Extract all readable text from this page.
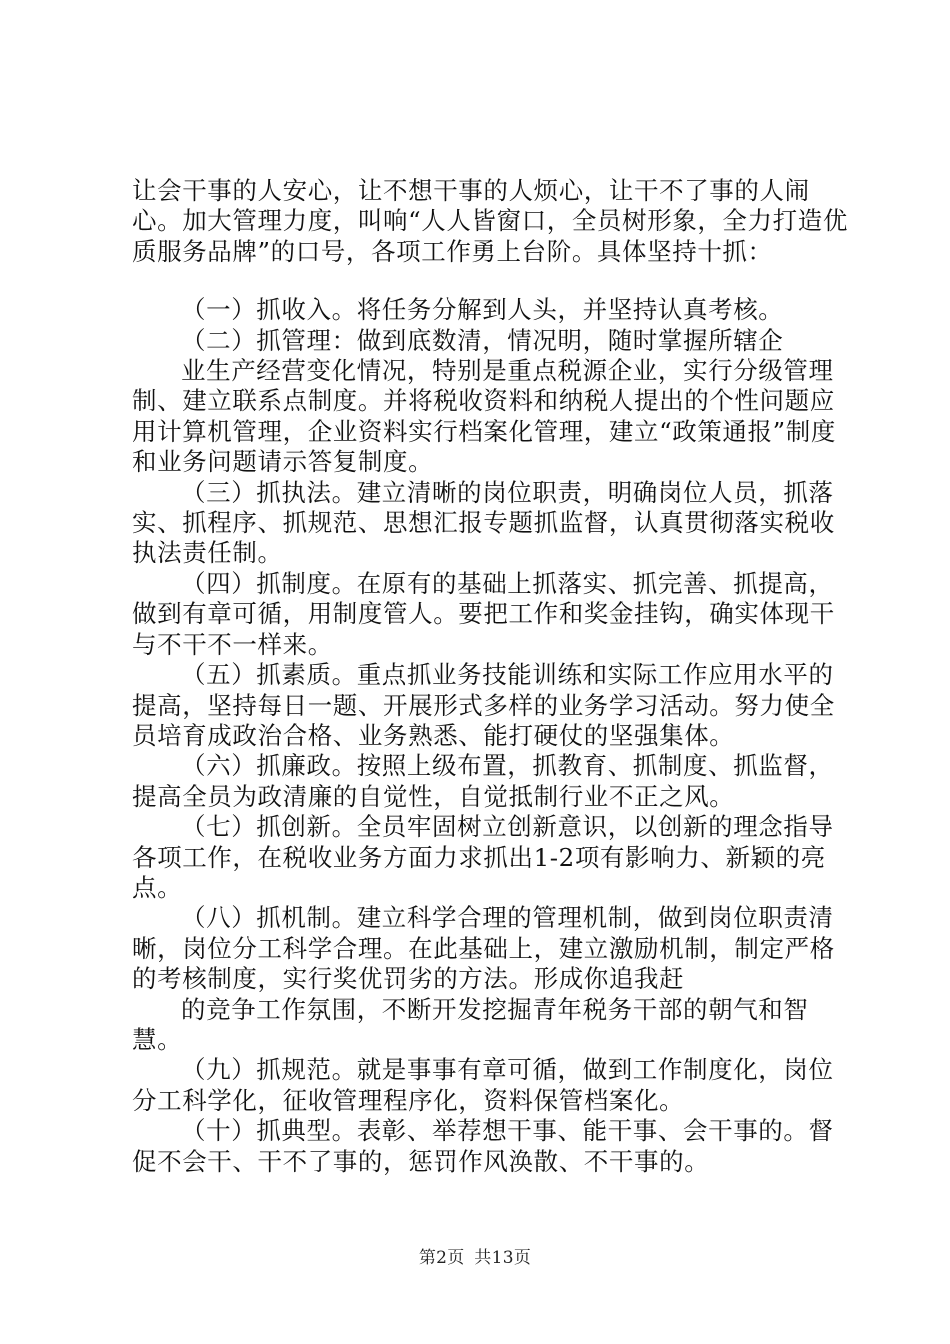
让会干事的人安心，让不想干事的人烦心，让干不了事的人闹心。加大管理力度，叫响“人人皆窗口，全员树形象，全力打造优质服务品牌”的口号，各项工作勇上台阶。具体坚持十抓：

（一）抓收入。将任务分解到人头，并坚持认真考核。

（二）抓管理：做到底数清，情况明，随时掌握所辖企

业生产经营变化情况，特别是重点税源企业，实行分级管理制、建立联系点制度。并将税收资料和纳税人提出的个性问题应用计算机管理，企业资料实行档案化管理，建立“政策通报”制度和业务问题请示答复制度。

（三）抓执法。建立清晰的岗位职责，明确岗位人员，抓落实、抓程序、抓规范、思想汇报专题抓监督，认真贯彻落实税收执法责任制。

（四）抓制度。在原有的基础上抓落实、抓完善、抓提高，做到有章可循，用制度管人。要把工作和奖金挂钩，确实体现干与不干不一样来。

（五）抓素质。重点抓业务技能训练和实际工作应用水平的提高，坚持每日一题、开展形式多样的业务学习活动。努力使全员培育成政治合格、业务熟悉、能打硬仗的坚强集体。

（六）抓廉政。按照上级布置，抓教育、抓制度、抓监督，提高全员为政清廉的自觉性，自觉抵制行业不正之风。

（七）抓创新。全员牢固树立创新意识，以创新的理念指导各项工作，在税收业务方面力求抓出1-2项有影响力、新颖的亮点。

（八）抓机制。建立科学合理的管理机制，做到岗位职责清晰，岗位分工科学合理。在此基础上，建立激励机制，制定严格的考核制度，实行奖优罚劣的方法。形成你追我赶

的竞争工作氛围，不断开发挖掘青年税务干部的朝气和智慧。

（九）抓规范。就是事事有章可循，做到工作制度化，岗位分工科学化，征收管理程序化，资料保管档案化。

（十）抓典型。表彰、举荐想干事、能干事、会干事的。督促不会干、干不了事的，惩罚作风涣散、不干事的。

第2页 共13页
